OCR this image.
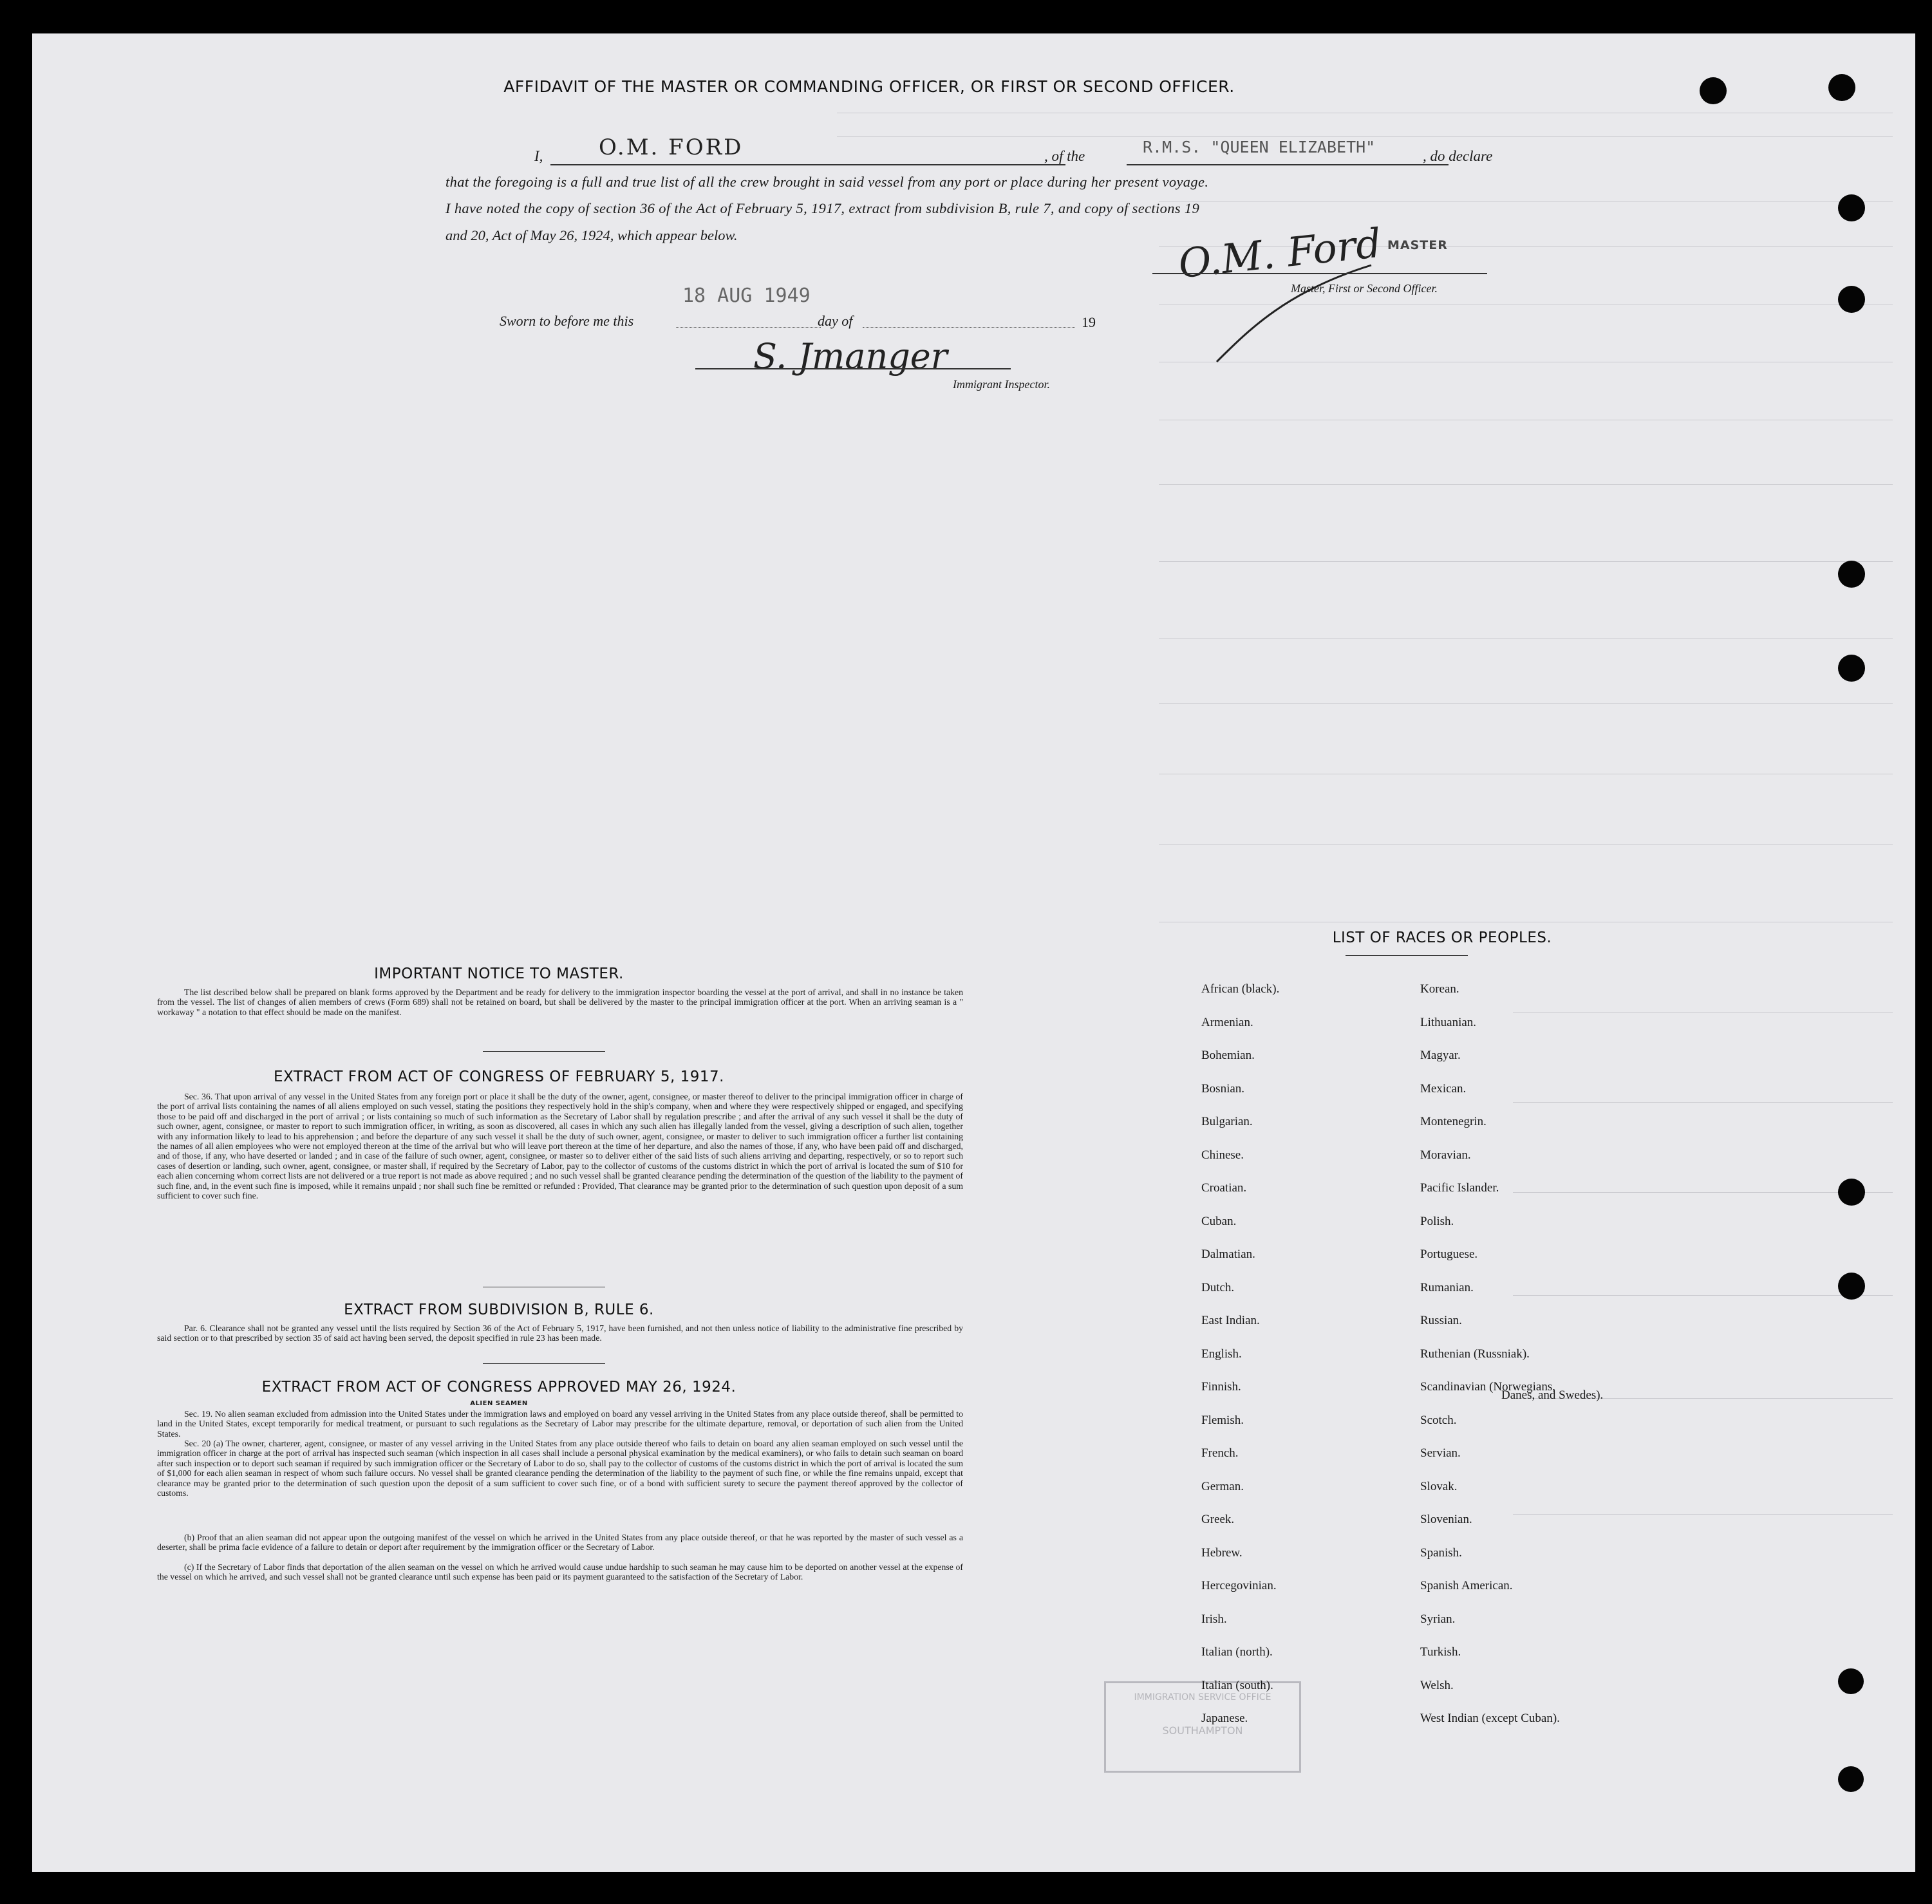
AFFIDAVIT OF THE MASTER OR COMMANDING OFFICER, OR FIRST OR SECOND OFFICER.
I,	O.M. FORD	, of the	R.M.S. "QUEEN ELIZABETH"	, do declare
that the foregoing is a full and true list of all the crew brought in said vessel from any port or place during her present voyage.
I have noted the copy of section 36 of the Act of February 5, 1917, extract from subdivision B, rule 7, and copy of sections 19
and 20, Act of May 26, 1924, which appear below.	O.M. Ford MASTER
Master, First or Second Officer.
18 AUG 1949
Sworn to before me this	day of	19
S. Jmanger
Immigrant Inspector.
IMPORTANT NOTICE TO MASTER.
The list described below shall be prepared on blank forms approved by the Department and be ready for delivery to the immigration inspector boarding the vessel at the port of arrival, and shall in no instance be taken from the vessel. The list of changes of alien members of crews (Form 689) shall not be retained on board, but shall be delivered by the master to the principal immigration officer at the port. When an arriving seaman is a " workaway " a notation to that effect should be made on the manifest.
EXTRACT FROM ACT OF CONGRESS OF FEBRUARY 5, 1917.
Sec. 36. That upon arrival of any vessel in the United States from any foreign port or place it shall be the duty of the owner, agent, consignee, or master thereof to deliver to the principal immigration officer in charge of the port of arrival lists containing the names of all aliens employed on such vessel, stating the positions they respectively hold in the ship's company, when and where they were respectively shipped or engaged, and specifying those to be paid off and discharged in the port of arrival ; or lists containing so much of such information as the Secretary of Labor shall by regulation prescribe ; and after the arrival of any such vessel it shall be the duty of such owner, agent, consignee, or master to report to such immigration officer, in writing, as soon as discovered, all cases in which any such alien has illegally landed from the vessel, giving a description of such alien, together with any information likely to lead to his apprehension ; and before the departure of any such vessel it shall be the duty of such owner, agent, consignee, or master to deliver to such immigration officer a further list containing the names of all alien employees who were not employed thereon at the time of the arrival but who will leave port thereon at the time of her departure, and also the names of those, if any, who have been paid off and discharged, and of those, if any, who have deserted or landed ; and in case of the failure of such owner, agent, consignee, or master so to deliver either of the said lists of such aliens arriving and departing, respectively, or so to report such cases of desertion or landing, such owner, agent, consignee, or master shall, if required by the Secretary of Labor, pay to the collector of customs of the customs district in which the port of arrival is located the sum of $10 for each alien concerning whom correct lists are not delivered or a true report is not made as above required ; and no such vessel shall be granted clearance pending the determination of the question of the liability to the payment of such fine, and, in the event such fine is imposed, while it remains unpaid ; nor shall such fine be remitted or refunded : Provided, That clearance may be granted prior to the determination of such question upon deposit of a sum sufficient to cover such fine.
EXTRACT FROM SUBDIVISION B, RULE 6.
Par. 6. Clearance shall not be granted any vessel until the lists required by Section 36 of the Act of February 5, 1917, have been furnished, and not then unless notice of liability to the administrative fine prescribed by said section or to that prescribed by section 35 of said act having been served, the deposit specified in rule 23 has been made.
EXTRACT FROM ACT OF CONGRESS APPROVED MAY 26, 1924.
ALIEN SEAMEN
Sec. 19. No alien seaman excluded from admission into the United States under the immigration laws and employed on board any vessel arriving in the United States from any place outside thereof, shall be permitted to land in the United States, except temporarily for medical treatment, or pursuant to such regulations as the Secretary of Labor may prescribe for the ultimate departure, removal, or deportation of such alien from the United States.
Sec. 20 (a) The owner, charterer, agent, consignee, or master of any vessel arriving in the United States from any place outside thereof who fails to detain on board any alien seaman employed on such vessel until the immigration officer in charge at the port of arrival has inspected such seaman (which inspection in all cases shall include a personal physical examination by the medical examiners), or who fails to detain such seaman on board after such inspection or to deport such seaman if required by such immigration officer or the Secretary of Labor to do so, shall pay to the collector of customs of the customs district in which the port of arrival is located the sum of $1,000 for each alien seaman in respect of whom such failure occurs. No vessel shall be granted clearance pending the determination of the liability to the payment of such fine, or while the fine remains unpaid, except that clearance may be granted prior to the determination of such question upon the deposit of a sum sufficient to cover such fine, or of a bond with sufficient surety to secure the payment thereof approved by the collector of customs.
(b) Proof that an alien seaman did not appear upon the outgoing manifest of the vessel on which he arrived in the United States from any place outside thereof, or that he was reported by the master of such vessel as a deserter, shall be prima facie evidence of a failure to detain or deport after requirement by the immigration officer or the Secretary of Labor.
(c) If the Secretary of Labor finds that deportation of the alien seaman on the vessel on which he arrived would cause undue hardship to such seaman he may cause him to be deported on another vessel at the expense of the vessel on which he arrived, and such vessel shall not be granted clearance until such expense has been paid or its payment guaranteed to the satisfaction of the Secretary of Labor.
LIST OF RACES OR PEOPLES.
Danes, and Swedes).
IMMIGRATION SERVICE OFFICE
SOUTHAMPTON
African (black).
Armenian.
Bohemian.
Bosnian.
Bulgarian.
Chinese.
Croatian.
Cuban.
Dalmatian.
Dutch.
East Indian.
English.
Finnish.
Flemish.
French.
German.
Greek.
Hebrew.
Hercegovinian.
Irish.
Italian (north).
Italian (south).
Japanese.
Korean.
Lithuanian.
Magyar.
Mexican.
Montenegrin.
Moravian.
Pacific Islander.
Polish.
Portuguese.
Rumanian.
Russian.
Ruthenian (Russniak).
Scandinavian (Norwegians,
Scotch.
Servian.
Slovak.
Slovenian.
Spanish.
Spanish American.
Syrian.
Turkish.
Welsh.
West Indian (except Cuban).
